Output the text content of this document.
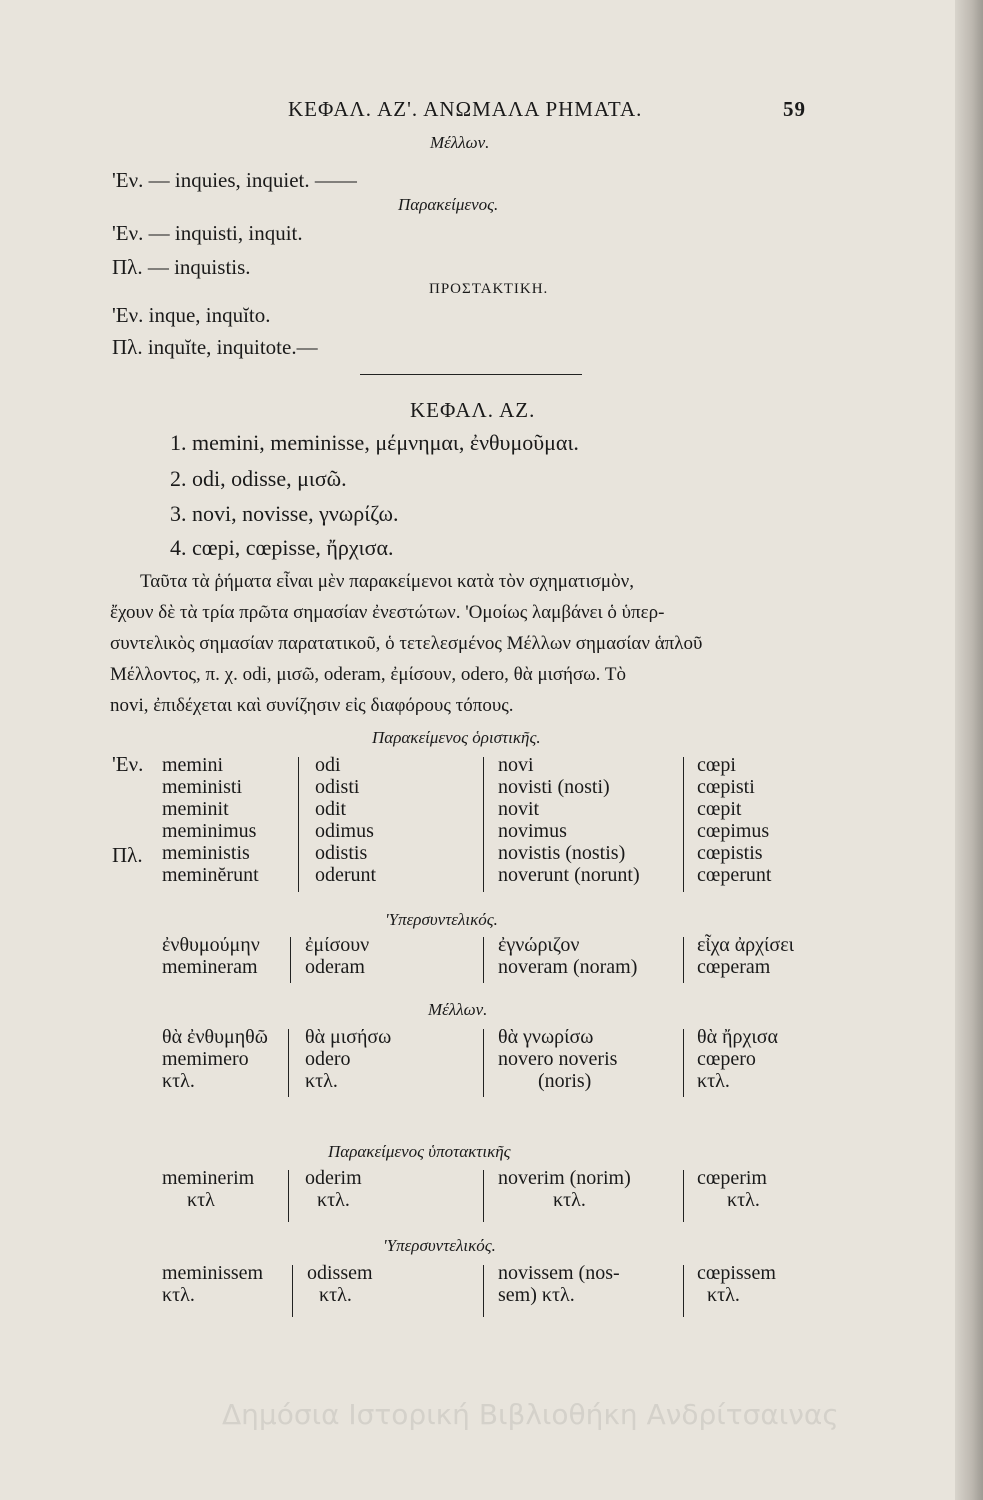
ΚΕΦΑΛ. ΑΖ'. ΑΝΩΜΑΛΑ ΡΗΜΑΤΑ.	59
Μέλλων.
'Εν. — inquies, inquiet. ——
Παρακείμενος.
'Εν. — inquisti, inquit.
Πλ. — inquistis.
ΠΡΟΣΤΑΚΤΙΚΗ.
'Εν. inque, inquĭto.
Πλ. inquĭte, inquitote.—
ΚΕΦΑΛ. ΑΖ.
1. memini, meminisse, μέμνημαι, ἐνθυμοῦμαι.
2. odi, odisse, μισῶ.
3. novi, novisse, γνωρίζω.
4. cœpi, cœpisse, ἤρχισα.
Ταῦτα τὰ ῥήματα εἶναι μὲν παρακείμενοι κατὰ τὸν σχηματισμὸν,
ἔχουν δὲ τὰ τρία πρῶτα σημασίαν ἐνεστώτων. 'Ομοίως λαμβάνει ὁ ὑπερ-
συντελικὸς σημασίαν παρατατικοῦ, ὁ τετελεσμένος Μέλλων σημασίαν ἁπλοῦ
Μέλλοντος, π. χ. odi, μισῶ, oderam, ἐμίσουν, odero, θὰ μισήσω. Τὸ
novi, ἐπιδέχεται καὶ συνίζησιν εἰς διαφόρους τόπους.
Παρακείμενος ὁριστικῆς.
'Εν.
Πλ.
memini
meministi
meminit
meminimus
meministis
meminĕrunt
odi
odisti
odit
odimus
odistis
oderunt
novi
novisti (nosti)
novit
novimus
novistis (nostis)
noverunt (norunt)
cœpi
cœpisti
cœpit
cœpimus
cœpistis
cœperunt
'Υπερσυντελικός.
ἐνθυμούμην
memineram
ἐμίσουν
oderam
ἐγνώριζον
noveram (noram)
εἶχα ἀρχίσει
cœperam
Μέλλων.
θὰ ἐνθυμηθῶ
memimero
κτλ.
θὰ μισήσω
odero
κτλ.
θὰ γνωρίσω
novero noveris
(noris)
θὰ ἤρχισα
cœpero
κτλ.
Παρακείμενος ὑποτακτικῆς
meminerim
κτλ
oderim
κτλ.
noverim (norim)
κτλ.
cœperim
κτλ.
'Υπερσυντελικός.
meminissem
κτλ.
odissem
κτλ.
novissem (nos-
sem) κτλ.
cœpissem
κτλ.
Δημόσια Ιστορική Βιβλιοθήκη Ανδρίτσαινας
